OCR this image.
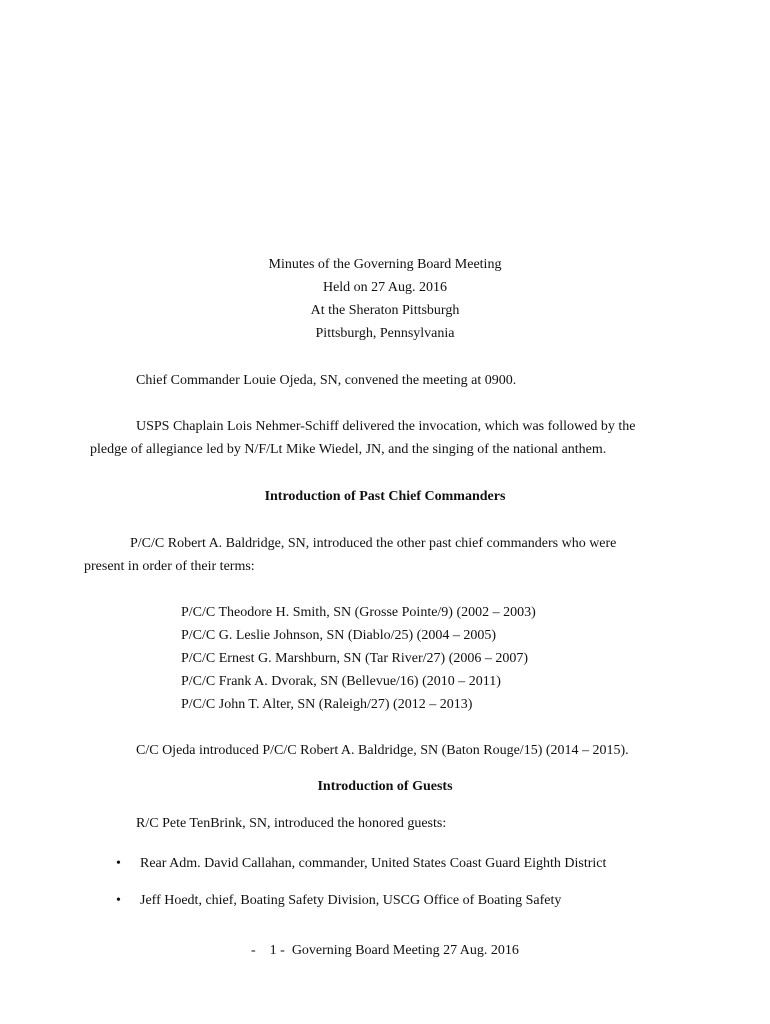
Minutes of the Governing Board Meeting
Held on 27 Aug. 2016
At the Sheraton Pittsburgh
Pittsburgh, Pennsylvania
Chief Commander Louie Ojeda, SN, convened the meeting at 0900.
USPS Chaplain Lois Nehmer-Schiff delivered the invocation, which was followed by the
pledge of allegiance led by N/F/Lt Mike Wiedel, JN, and the singing of the national anthem.
Introduction of Past Chief Commanders
P/C/C Robert A. Baldridge, SN, introduced the other past chief commanders who were
present in order of their terms:
P/C/C Theodore H. Smith, SN (Grosse Pointe/9) (2002 – 2003)
P/C/C G. Leslie Johnson, SN (Diablo/25) (2004 – 2005)
P/C/C Ernest G. Marshburn, SN (Tar River/27) (2006 – 2007)
P/C/C Frank A. Dvorak, SN (Bellevue/16) (2010 – 2011)
P/C/C John T. Alter, SN (Raleigh/27) (2012 – 2013)
C/C Ojeda introduced P/C/C Robert A. Baldridge, SN (Baton Rouge/15) (2014 – 2015).
Introduction of Guests
R/C Pete TenBrink, SN, introduced the honored guests:
• Rear Adm. David Callahan, commander, United States Coast Guard Eighth District
• Jeff Hoedt, chief, Boating Safety Division, USCG Office of Boating Safety
-    1 -  Governing Board Meeting 27 Aug. 2016
